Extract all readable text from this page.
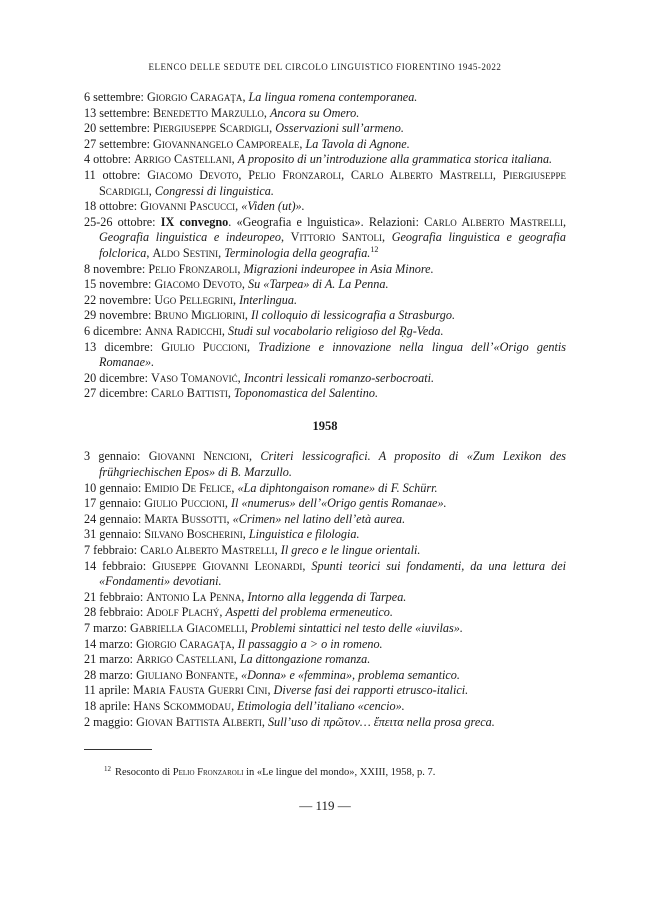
ELENCO DELLE SEDUTE DEL CIRCOLO LINGUISTICO FIORENTINO 1945-2022
6 settembre: Giorgio Caragaţa, La lingua romena contemporanea.
13 settembre: Benedetto Marzullo, Ancora su Omero.
20 settembre: Piergiuseppe Scardigli, Osservazioni sull’armeno.
27 settembre: Giovannangelo Camporeale, La Tavola di Agnone.
4 ottobre: Arrigo Castellani, A proposito di un’introduzione alla grammatica storica italiana.
11 ottobre: Giacomo Devoto, Pelio Fronzaroli, Carlo Alberto Mastrelli, Piergiuseppe Scardigli, Congressi di linguistica.
18 ottobre: Giovanni Pascucci, «Viden (ut)».
25-26 ottobre: IX convegno. «Geografia e lnguistica». Relazioni: Carlo Alberto Mastrelli, Geografia linguistica e indeuropeo, Vittorio Santoli, Geografia linguistica e geografia folclorica, Aldo Sestini, Terminologia della geografia.$^{12}$
8 novembre: Pelio Fronzaroli, Migrazioni indeuropee in Asia Minore.
15 novembre: Giacomo Devoto, Su «Tarpea» di A. La Penna.
22 novembre: Ugo Pellegrini, Interlingua.
29 novembre: Bruno Migliorini, Il colloquio di lessicografia a Strasburgo.
6 dicembre: Anna Radicchi, Studi sul vocabolario religioso del Ṛg-Veda.
13 dicembre: Giulio Puccioni, Tradizione e innovazione nella lingua dell’«Origo gentis Romanae».
20 dicembre: Vaso Tomanović, Incontri lessicali romanzo-serbocroati.
27 dicembre: Carlo Battisti, Toponomastica del Salentino.
1958
3 gennaio: Giovanni Nencioni, Criteri lessicografici. A proposito di «Zum Lexikon des frühgriechischen Epos» di B. Marzullo.
10 gennaio: Emidio De Felice, «La diphtongaison romane» di F. Schürr.
17 gennaio: Giulio Puccioni, Il «numerus» dell’«Origo gentis Romanae».
24 gennaio: Marta Bussotti, «Crimen» nel latino dell’età aurea.
31 gennaio: Silvano Boscherini, Linguistica e filologia.
7 febbraio: Carlo Alberto Mastrelli, Il greco e le lingue orientali.
14 febbraio: Giuseppe Giovanni Leonardi, Spunti teorici sui fondamenti, da una lettura dei «Fondamenti» devotiani.
21 febbraio: Antonio La Penna, Intorno alla leggenda di Tarpea.
28 febbraio: Adolf Plachý, Aspetti del problema ermeneutico.
7 marzo: Gabriella Giacomelli, Problemi sintattici nel testo delle «iuvilas».
14 marzo: Giorgio Caragaţa, Il passaggio a > o in romeno.
21 marzo: Arrigo Castellani, La dittongazione romanza.
28 marzo: Giuliano Bonfante, «Donna» e «femmina», problema semantico.
11 aprile: Maria Fausta Guerri Cini, Diverse fasi dei rapporti etrusco-italici.
18 aprile: Hans Sckommodau, Etimologia dell’italiano «cencio».
2 maggio: Giovan Battista Alberti, Sull’uso di πρῶτον… ἔπειτα nella prosa greca.
$^{12}$ Resoconto di Pelio Fronzaroli in «Le lingue del mondo», XXIII, 1958, p. 7.
— 119 —
